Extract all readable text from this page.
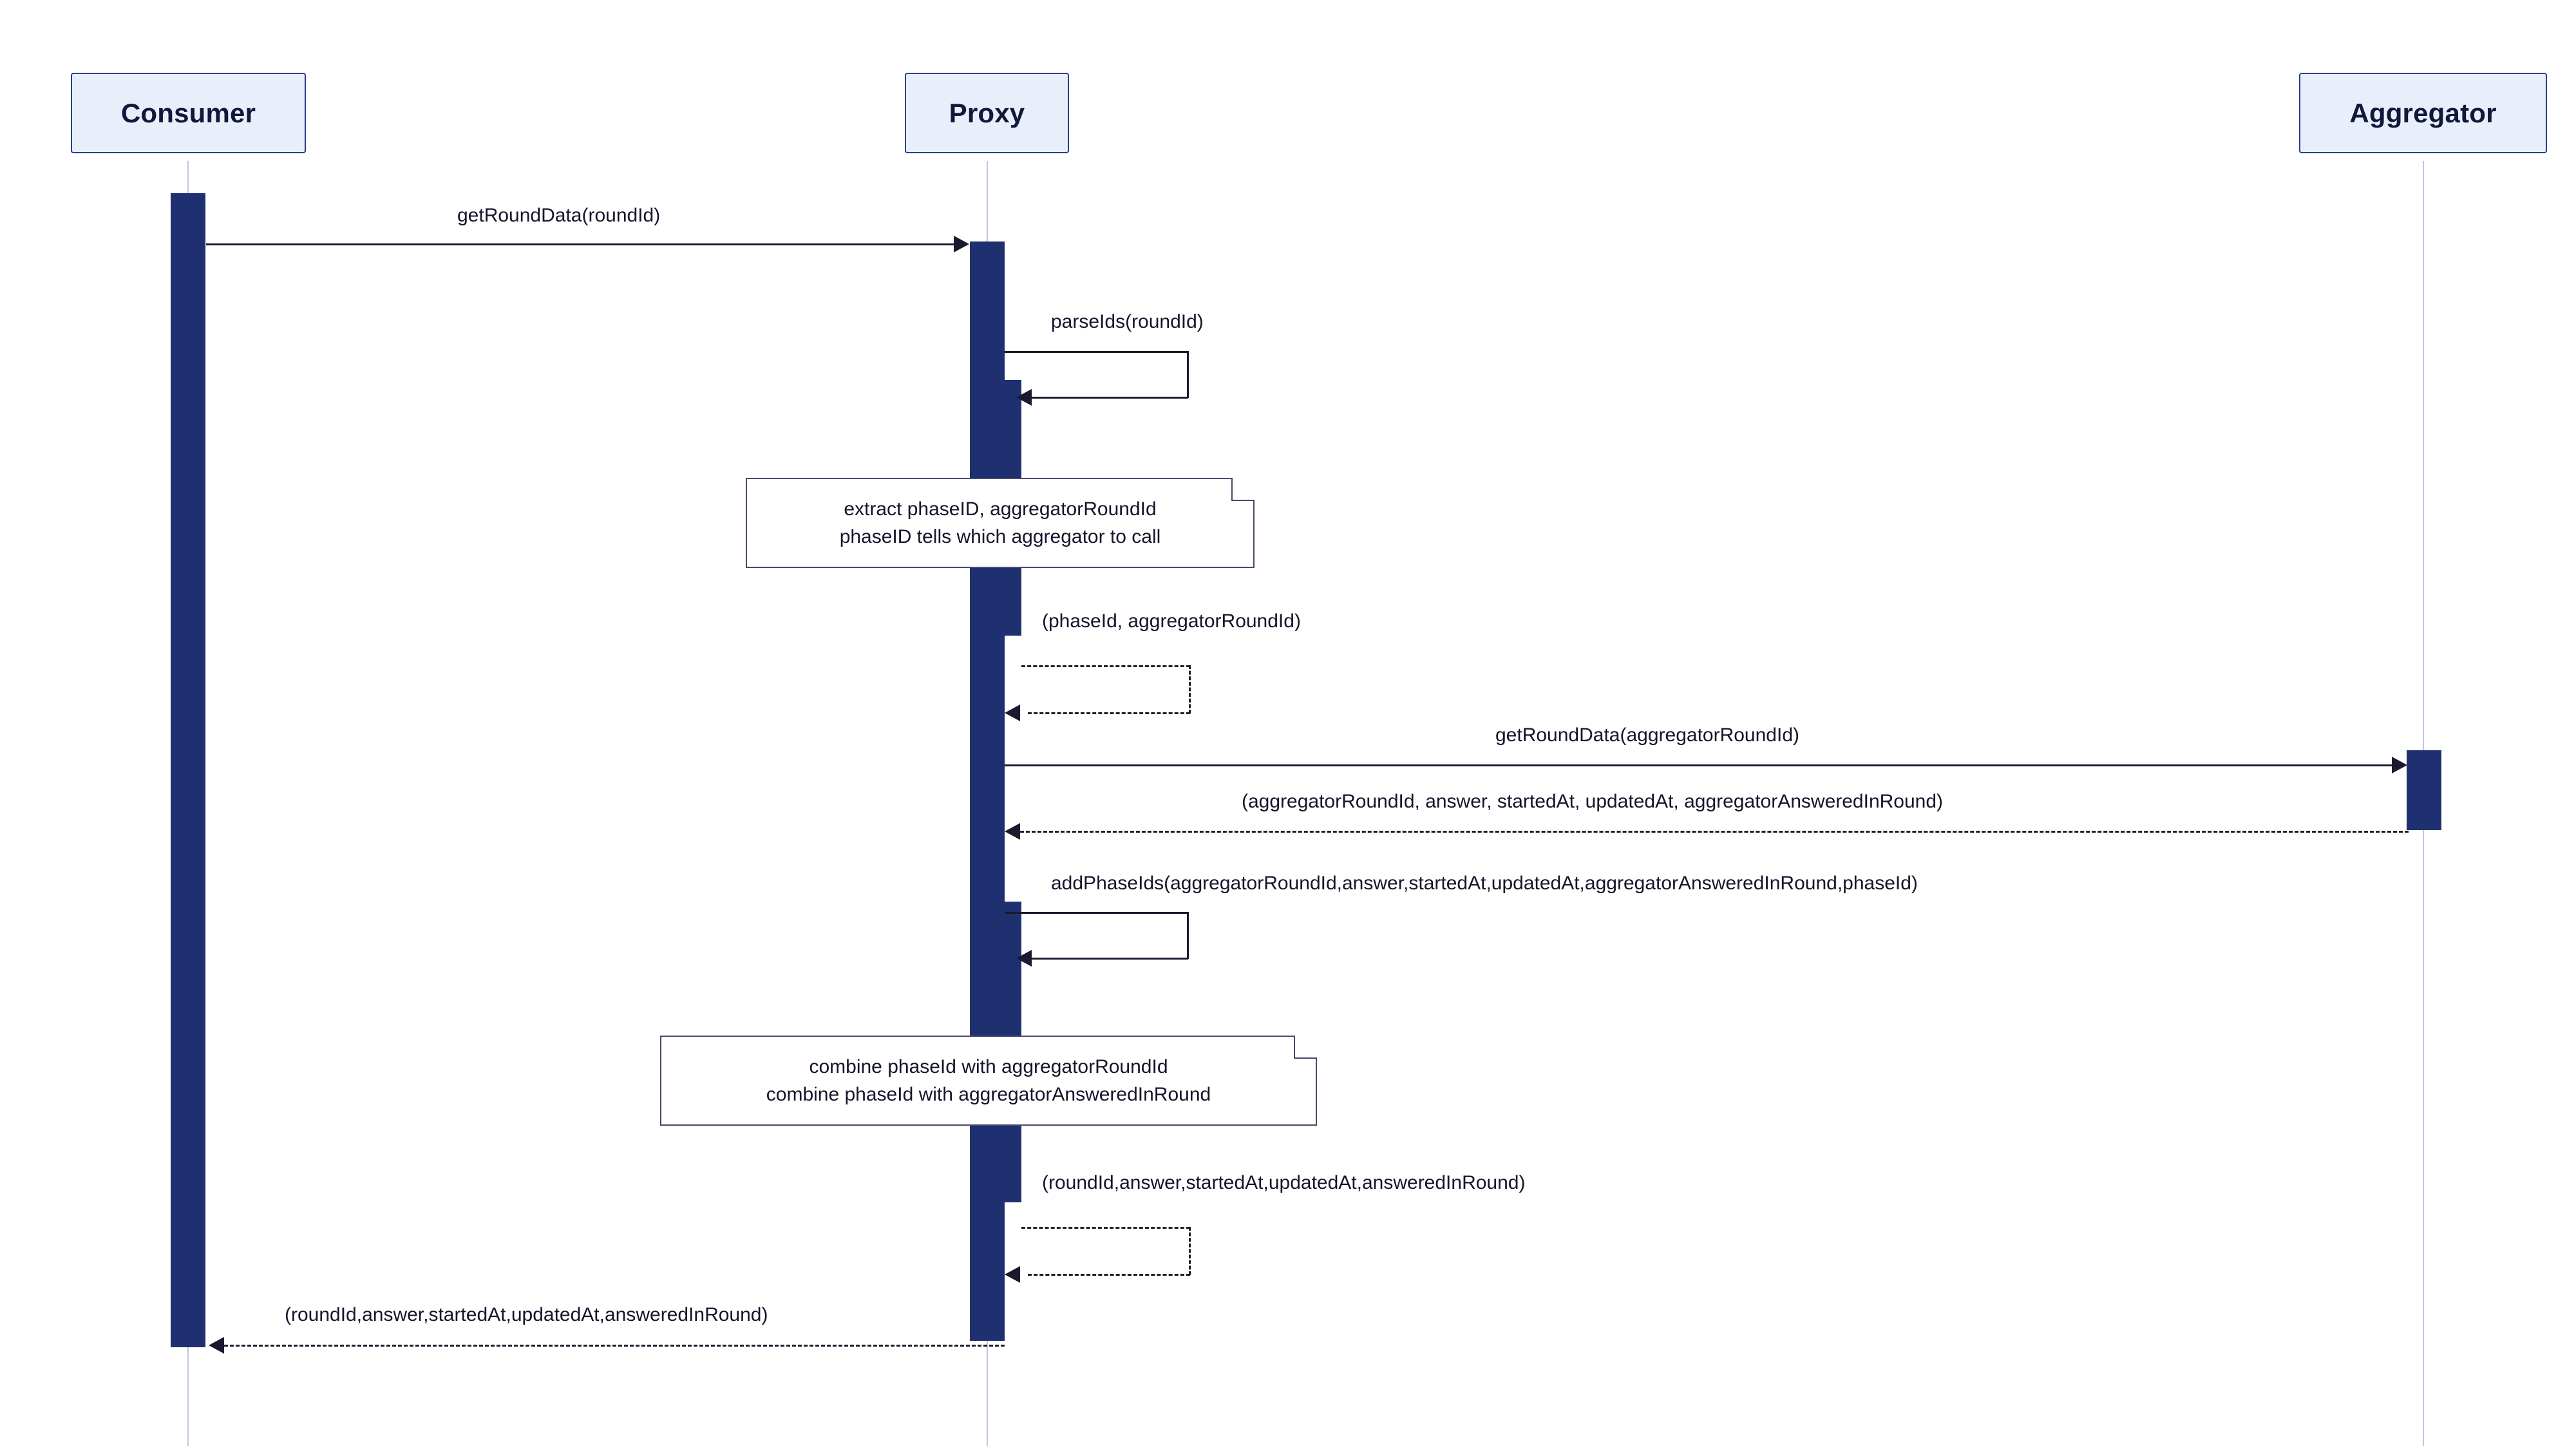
Consumer	Proxy	Aggregator
getRoundData(roundId)
parseIds(roundId)
extract phaseID, aggregatorRoundId
phaseID tells which aggregator to call
(phaseId, aggregatorRoundId)
getRoundData(aggregatorRoundId)
(aggregatorRoundId, answer, startedAt, updatedAt, aggregatorAnsweredInRound)
addPhaseIds(aggregatorRoundId,answer,startedAt,updatedAt,aggregatorAnsweredInRound,phaseId)
combine phaseId with aggregatorRoundId
combine phaseId with aggregatorAnsweredInRound
(roundId,answer,startedAt,updatedAt,answeredInRound)
(roundId,answer,startedAt,updatedAt,answeredInRound)
